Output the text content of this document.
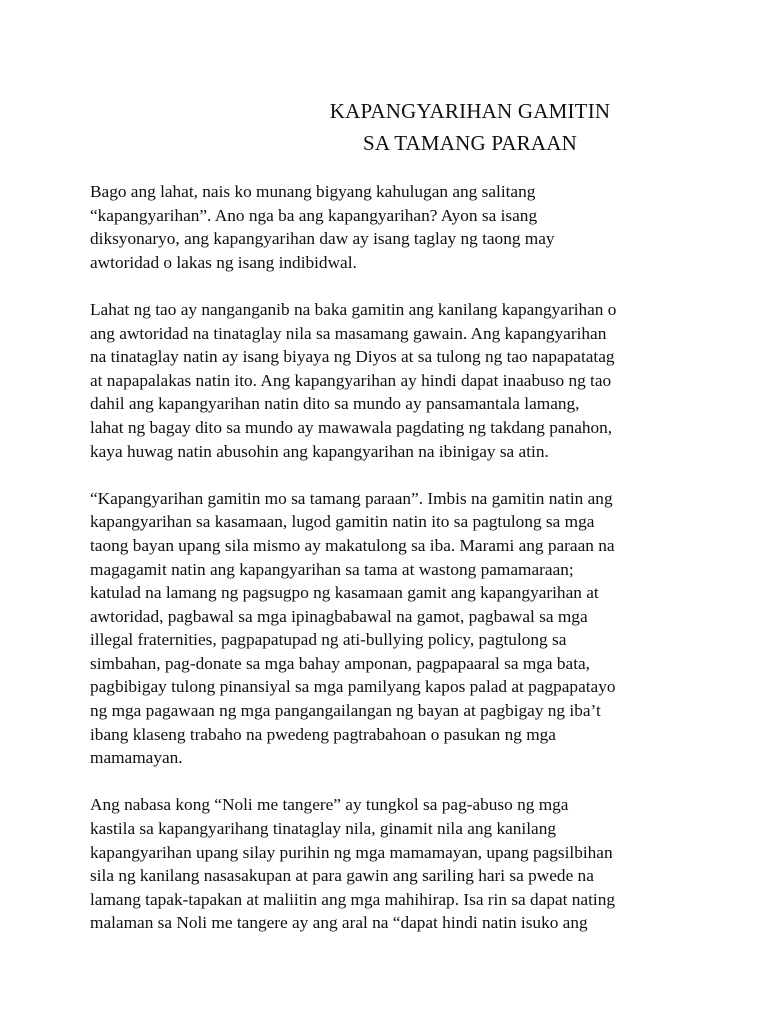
KAPANGYARIHAN GAMITIN
SA TAMANG PARAAN

Bago ang lahat, nais ko munang bigyang kahulugan ang salitang
“kapangyarihan”. Ano nga ba ang kapangyarihan? Ayon sa isang
diksyonaryo, ang kapangyarihan daw ay isang taglay ng taong may
awtoridad o lakas ng isang indibidwal.

Lahat ng tao ay nanganganib na baka gamitin ang kanilang kapangyarihan o
ang awtoridad na tinataglay nila sa masamang gawain. Ang kapangyarihan
na tinataglay natin ay isang biyaya ng Diyos at sa tulong ng tao napapatatag
at napapalakas natin ito. Ang kapangyarihan ay hindi dapat inaabuso ng tao
dahil ang kapangyarihan natin dito sa mundo ay pansamantala lamang,
lahat ng bagay dito sa mundo ay mawawala pagdating ng takdang panahon,
kaya huwag natin abusohin ang kapangyarihan na ibinigay sa atin.

“Kapangyarihan gamitin mo sa tamang paraan”. Imbis na gamitin natin ang
kapangyarihan sa kasamaan, lugod gamitin natin ito sa pagtulong sa mga
taong bayan upang sila mismo ay makatulong sa iba. Marami ang paraan na
magagamit natin ang kapangyarihan sa tama at wastong pamamaraan;
katulad na lamang ng pagsugpo ng kasamaan gamit ang kapangyarihan at
awtoridad, pagbawal sa mga ipinagbabawal na gamot, pagbawal sa mga
illegal fraternities, pagpapatupad ng ati-bullying policy, pagtulong sa
simbahan, pag-donate sa mga bahay amponan, pagpapaaral sa mga bata,
pagbibigay tulong pinansiyal sa mga pamilyang kapos palad at pagpapatayo
ng mga pagawaan ng mga pangangailangan ng bayan at pagbigay ng iba’t
ibang klaseng trabaho na pwedeng pagtrabahoan o pasukan ng mga
mamamayan.

Ang nabasa kong “Noli me tangere” ay tungkol sa pag-abuso ng mga
kastila sa kapangyarihang tinataglay nila, ginamit nila ang kanilang
kapangyarihan upang silay purihin ng mga mamamayan, upang pagsilbihan
sila ng kanilang nasasakupan at para gawin ang sariling hari sa pwede na
lamang tapak-tapakan at maliitin ang mga mahihirap. Isa rin sa dapat nating
malaman sa Noli me tangere ay ang aral na “dapat hindi natin isuko ang
